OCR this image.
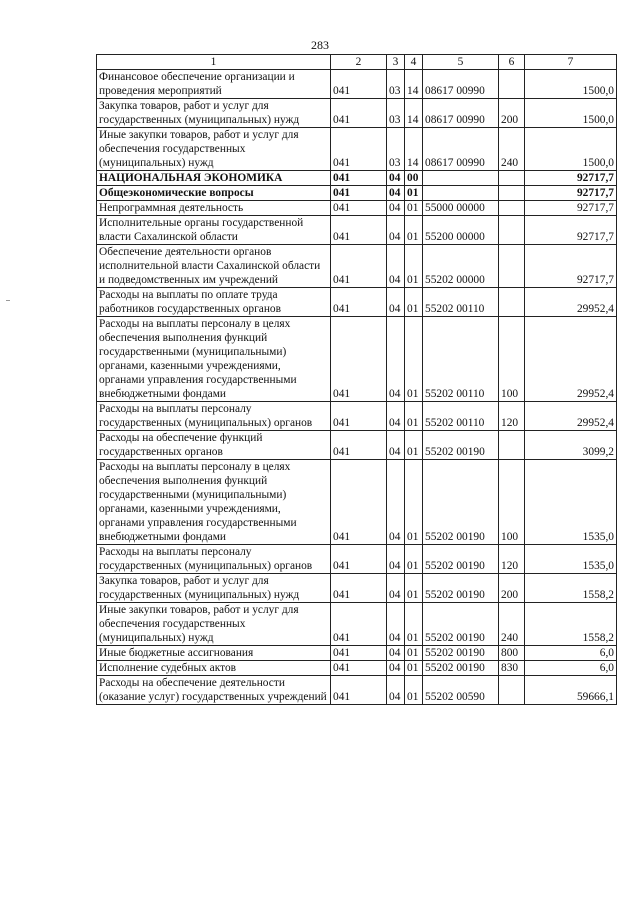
283
1	2	3	4	5	6	7
Финансовое обеспечение организации и проведения мероприятий	041	03	14	08617 00990		1500,0
Закупка товаров, работ и услуг для государственных (муниципальных) нужд	041	03	14	08617 00990	200	1500,0
Иные закупки товаров, работ и услуг для обеспечения государственных (муниципальных) нужд	041	03	14	08617 00990	240	1500,0
НАЦИОНАЛЬНАЯ ЭКОНОМИКА	041	04	00			92717,7
Общеэкономические вопросы	041	04	01			92717,7
Непрограммная деятельность	041	04	01	55000 00000		92717,7
Исполнительные органы государственной власти Сахалинской области	041	04	01	55200 00000		92717,7
Обеспечение деятельности органов исполнительной власти Сахалинской области и подведомственных им учреждений	041	04	01	55202 00000		92717,7
Расходы на выплаты по оплате труда работников государственных органов	041	04	01	55202 00110		29952,4
Расходы на выплаты персоналу в целях обеспечения выполнения функций государственными (муниципальными) органами, казенными учреждениями, органами управления государственными внебюджетными фондами	041	04	01	55202 00110	100	29952,4
Расходы на выплаты персоналу государственных (муниципальных) органов	041	04	01	55202 00110	120	29952,4
Расходы на обеспечение функций государственных органов	041	04	01	55202 00190		3099,2
Расходы на выплаты персоналу в целях обеспечения выполнения функций государственными (муниципальными) органами, казенными учреждениями, органами управления государственными внебюджетными фондами	041	04	01	55202 00190	100	1535,0
Расходы на выплаты персоналу государственных (муниципальных) органов	041	04	01	55202 00190	120	1535,0
Закупка товаров, работ и услуг для государственных (муниципальных) нужд	041	04	01	55202 00190	200	1558,2
Иные закупки товаров, работ и услуг для обеспечения государственных (муниципальных) нужд	041	04	01	55202 00190	240	1558,2
Иные бюджетные ассигнования	041	04	01	55202 00190	800	6,0
Исполнение судебных актов	041	04	01	55202 00190	830	6,0
Расходы на обеспечение деятельности (оказание услуг) государственных учреждений	041	04	01	55202 00590		59666,1
